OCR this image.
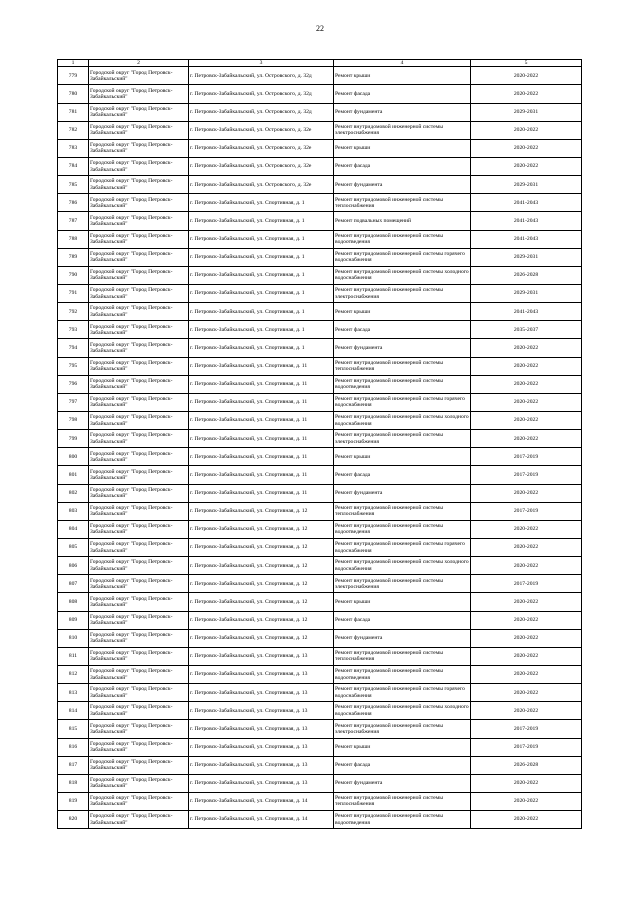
22
1	2	3	4	5
779	Городской округ "Город Петровск-Забайкальский"	г. Петровск-Забайкальский, ул. Островского, д. 32д	Ремонт крыши	2020-2022
780	Городской округ "Город Петровск-Забайкальский"	г. Петровск-Забайкальский, ул. Островского, д. 32д	Ремонт фасада	2020-2022
781	Городской округ "Город Петровск-Забайкальский"	г. Петровск-Забайкальский, ул. Островского, д. 32д	Ремонт фундамента	2029-2031
782	Городской округ "Город Петровск-Забайкальский"	г. Петровск-Забайкальский, ул. Островского, д. 32е	Ремонт внутридомовой инженерной системы электроснабжения	2020-2022
783	Городской округ "Город Петровск-Забайкальский"	г. Петровск-Забайкальский, ул. Островского, д. 32е	Ремонт крыши	2020-2022
784	Городской округ "Город Петровск-Забайкальский"	г. Петровск-Забайкальский, ул. Островского, д. 32е	Ремонт фасада	2020-2022
785	Городской округ "Город Петровск-Забайкальский"	г. Петровск-Забайкальский, ул. Островского, д. 32е	Ремонт фундамента	2029-2031
786	Городской округ "Город Петровск-Забайкальский"	г. Петровск-Забайкальский, ул. Спортивная, д. 1	Ремонт внутридомовой инженерной системы теплоснабжения	2041-2043
787	Городской округ "Город Петровск-Забайкальский"	г. Петровск-Забайкальский, ул. Спортивная, д. 1	Ремонт подвальных помещений	2041-2043
788	Городской округ "Город Петровск-Забайкальский"	г. Петровск-Забайкальский, ул. Спортивная, д. 1	Ремонт внутридомовой инженерной системы водоотведения	2041-2043
789	Городской округ "Город Петровск-Забайкальский"	г. Петровск-Забайкальский, ул. Спортивная, д. 1	Ремонт внутридомовой инженерной системы горячего водоснабжения	2029-2031
790	Городской округ "Город Петровск-Забайкальский"	г. Петровск-Забайкальский, ул. Спортивная, д. 1	Ремонт внутридомовой инженерной системы холодного водоснабжения	2026-2028
791	Городской округ "Город Петровск-Забайкальский"	г. Петровск-Забайкальский, ул. Спортивная, д. 1	Ремонт внутридомовой инженерной системы электроснабжения	2029-2031
792	Городской округ "Город Петровск-Забайкальский"	г. Петровск-Забайкальский, ул. Спортивная, д. 1	Ремонт крыши	2041-2043
793	Городской округ "Город Петровск-Забайкальский"	г. Петровск-Забайкальский, ул. Спортивная, д. 1	Ремонт фасада	2035-2037
794	Городской округ "Город Петровск-Забайкальский"	г. Петровск-Забайкальский, ул. Спортивная, д. 1	Ремонт фундамента	2020-2022
795	Городской округ "Город Петровск-Забайкальский"	г. Петровск-Забайкальский, ул. Спортивная, д. 11	Ремонт внутридомовой инженерной системы теплоснабжения	2020-2022
796	Городской округ "Город Петровск-Забайкальский"	г. Петровск-Забайкальский, ул. Спортивная, д. 11	Ремонт внутридомовой инженерной системы водоотведения	2020-2022
797	Городской округ "Город Петровск-Забайкальский"	г. Петровск-Забайкальский, ул. Спортивная, д. 11	Ремонт внутридомовой инженерной системы горячего водоснабжения	2020-2022
798	Городской округ "Город Петровск-Забайкальский"	г. Петровск-Забайкальский, ул. Спортивная, д. 11	Ремонт внутридомовой инженерной системы холодного водоснабжения	2020-2022
799	Городской округ "Город Петровск-Забайкальский"	г. Петровск-Забайкальский, ул. Спортивная, д. 11	Ремонт внутридомовой инженерной системы электроснабжения	2020-2022
800	Городской округ "Город Петровск-Забайкальский"	г. Петровск-Забайкальский, ул. Спортивная, д. 11	Ремонт крыши	2017-2019
801	Городской округ "Город Петровск-Забайкальский"	г. Петровск-Забайкальский, ул. Спортивная, д. 11	Ремонт фасада	2017-2019
802	Городской округ "Город Петровск-Забайкальский"	г. Петровск-Забайкальский, ул. Спортивная, д. 11	Ремонт фундамента	2020-2022
803	Городской округ "Город Петровск-Забайкальский"	г. Петровск-Забайкальский, ул. Спортивная, д. 12	Ремонт внутридомовой инженерной системы теплоснабжения	2017-2019
804	Городской округ "Город Петровск-Забайкальский"	г. Петровск-Забайкальский, ул. Спортивная, д. 12	Ремонт внутридомовой инженерной системы водоотведения	2020-2022
805	Городской округ "Город Петровск-Забайкальский"	г. Петровск-Забайкальский, ул. Спортивная, д. 12	Ремонт внутридомовой инженерной системы горячего водоснабжения	2020-2022
806	Городской округ "Город Петровск-Забайкальский"	г. Петровск-Забайкальский, ул. Спортивная, д. 12	Ремонт внутридомовой инженерной системы холодного водоснабжения	2020-2022
807	Городской округ "Город Петровск-Забайкальский"	г. Петровск-Забайкальский, ул. Спортивная, д. 12	Ремонт внутридомовой инженерной системы электроснабжения	2017-2019
808	Городской округ "Город Петровск-Забайкальский"	г. Петровск-Забайкальский, ул. Спортивная, д. 12	Ремонт крыши	2020-2022
809	Городской округ "Город Петровск-Забайкальский"	г. Петровск-Забайкальский, ул. Спортивная, д. 12	Ремонт фасада	2020-2022
810	Городской округ "Город Петровск-Забайкальский"	г. Петровск-Забайкальский, ул. Спортивная, д. 12	Ремонт фундамента	2020-2022
811	Городской округ "Город Петровск-Забайкальский"	г. Петровск-Забайкальский, ул. Спортивная, д. 13	Ремонт внутридомовой инженерной системы теплоснабжения	2020-2022
812	Городской округ "Город Петровск-Забайкальский"	г. Петровск-Забайкальский, ул. Спортивная, д. 13	Ремонт внутридомовой инженерной системы водоотведения	2020-2022
813	Городской округ "Город Петровск-Забайкальский"	г. Петровск-Забайкальский, ул. Спортивная, д. 13	Ремонт внутридомовой инженерной системы горячего водоснабжения	2020-2022
814	Городской округ "Город Петровск-Забайкальский"	г. Петровск-Забайкальский, ул. Спортивная, д. 13	Ремонт внутридомовой инженерной системы холодного водоснабжения	2020-2022
815	Городской округ "Город Петровск-Забайкальский"	г. Петровск-Забайкальский, ул. Спортивная, д. 13	Ремонт внутридомовой инженерной системы электроснабжения	2017-2019
816	Городской округ "Город Петровск-Забайкальский"	г. Петровск-Забайкальский, ул. Спортивная, д. 13	Ремонт крыши	2017-2019
817	Городской округ "Город Петровск-Забайкальский"	г. Петровск-Забайкальский, ул. Спортивная, д. 13	Ремонт фасада	2026-2028
818	Городской округ "Город Петровск-Забайкальский"	г. Петровск-Забайкальский, ул. Спортивная, д. 13	Ремонт фундамента	2020-2022
819	Городской округ "Город Петровск-Забайкальский"	г. Петровск-Забайкальский, ул. Спортивная, д. 14	Ремонт внутридомовой инженерной системы теплоснабжения	2020-2022
820	Городской округ "Город Петровск-Забайкальский"	г. Петровск-Забайкальский, ул. Спортивная, д. 14	Ремонт внутридомовой инженерной системы водоотведения	2020-2022
